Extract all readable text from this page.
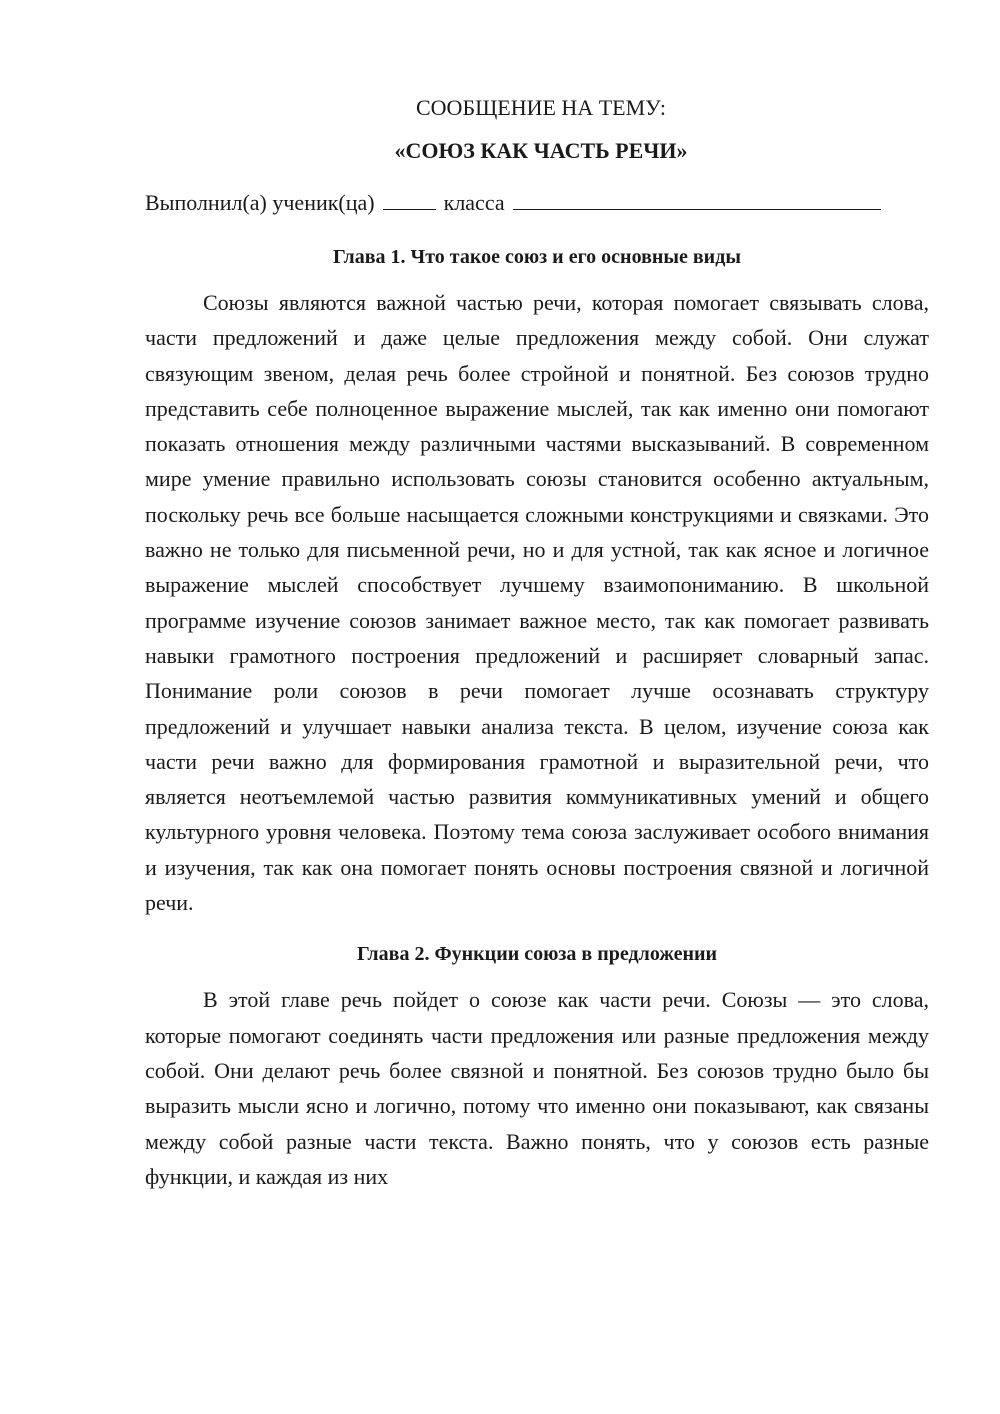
СООБЩЕНИЕ НА ТЕМУ:

«СОЮЗ КАК ЧАСТЬ РЕЧИ»

Выполнил(а) ученик(ца)	класса

Глава 1. Что такое союз и его основные виды

Союзы являются важной частью речи, которая помогает связывать слова, части предложений и даже целые предложения между собой. Они служат связующим звеном, делая речь более стройной и понятной. Без союзов трудно представить себе полноценное выражение мыслей, так как именно они помогают показать отношения между различными частями высказываний. В современном мире умение правильно использовать союзы становится особенно актуальным, поскольку речь все больше насыщается сложными конструкциями и связками. Это важно не только для письменной речи, но и для устной, так как ясное и логичное выражение мыслей способствует лучшему взаимопониманию. В школьной программе изучение союзов занимает важное место, так как помогает развивать навыки грамотного построения предложений и расширяет словарный запас. Понимание роли союзов в речи помогает лучше осознавать структуру предложений и улучшает навыки анализа текста. В целом, изучение союза как части речи важно для формирования грамотной и выразительной речи, что является неотъемлемой частью развития коммуникативных умений и общего культурного уровня человека. Поэтому тема союза заслуживает особого внимания и изучения, так как она помогает понять основы построения связной и логичной речи.

Глава 2. Функции союза в предложении

В этой главе речь пойдет о союзе как части речи. Союзы — это слова, которые помогают соединять части предложения или разные предложения между собой. Они делают речь более связной и понятной. Без союзов трудно было бы выразить мысли ясно и логично, потому что именно они показывают, как связаны между собой разные части текста. Важно понять, что у союзов есть разные функции, и каждая из них
